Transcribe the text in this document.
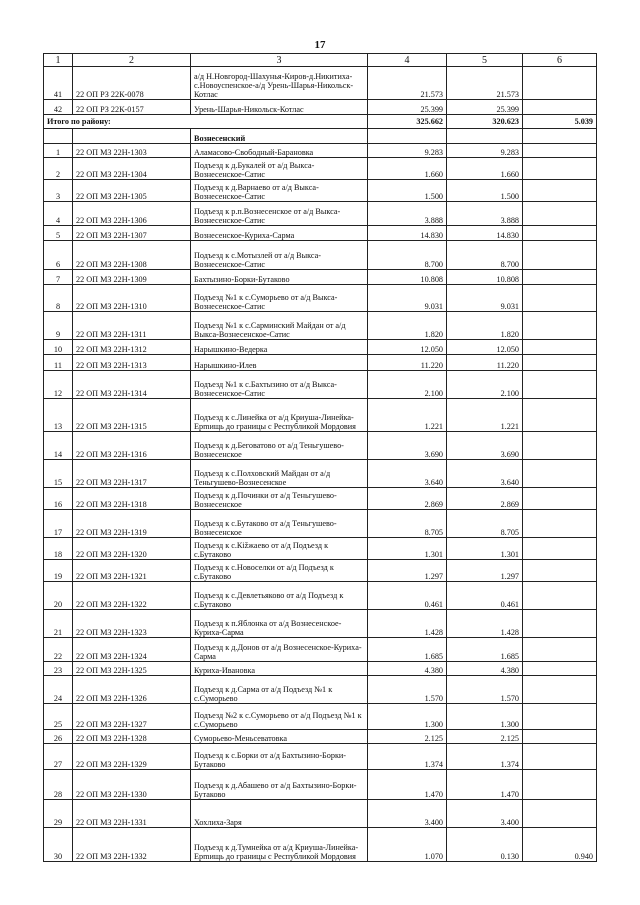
17
1	2	3	4	5	6
41	22 ОП РЗ 22К-0078	а/д Н.Новгород-Шахунья-Киров-д.Никитиха-с.Новоуспенское-а/д Урень-Шарья-Никольск-Котлас	21.573	21.573	
42	22 ОП РЗ 22К-0157	Урень-Шарья-Никольск-Котлас	25.399	25.399	
Итого по району:			325.662	320.623	5.039
		Вознесенский			
1	22 ОП МЗ 22Н-1303	Аламасово-Свободный-Барановка	9.283	9.283	
2	22 ОП МЗ 22Н-1304	Подъезд к д.Букалей от а/д Выкса-Вознесенское-Сатис	1.660	1.660	
3	22 ОП МЗ 22Н-1305	Подъезд к д.Варнаево от а/д Выкса-Вознесенское-Сатис	1.500	1.500	
4	22 ОП МЗ 22Н-1306	Подъезд к р.п.Вознесенское от а/д Выкса-Вознесенское-Сатис	3.888	3.888	
5	22 ОП МЗ 22Н-1307	Вознесенское-Курихa-Сарма	14.830	14.830	
6	22 ОП МЗ 22Н-1308	Подъезд к с.Мотызлей от а/д Выкса-Вознесенское-Сатис	8.700	8.700	
7	22 ОП МЗ 22Н-1309	Бахтызино-Борки-Бутаково	10.808	10.808	
8	22 ОП МЗ 22Н-1310	Подъезд №1 к с.Суморьево от а/д Выкса-Вознесенское-Сатис	9.031	9.031	
9	22 ОП МЗ 22Н-1311	Подъезд №1 к с.Сарминский Майдан от а/д Выкса-Вознесенское-Сатис	1.820	1.820	
10	22 ОП МЗ 22Н-1312	Нарышкино-Ведерка	12.050	12.050	
11	22 ОП МЗ 22Н-1313	Нарышкино-Илев	11.220	11.220	
12	22 ОП МЗ 22Н-1314	Подъезд №1 к с.Бахтызино от а/д Выкса-Вознесенское-Сатис	2.100	2.100	
13	22 ОП МЗ 22Н-1315	Подъезд к с.Линейка от а/д Криуша-Линейка-Ерmищь до границы с Республикой Мордовия	1.221	1.221	
14	22 ОП МЗ 22Н-1316	Подъезд к д.Беговатово от а/д Теньгушево-Вознесенское	3.690	3.690	
15	22 ОП МЗ 22Н-1317	Подъезд к с.Полховский Майдан от а/д Теньгушево-Вознесенское	3.640	3.640	
16	22 ОП МЗ 22Н-1318	Подъезд к д.Починки от а/д Теньгушево-Вознесенское	2.869	2.869	
17	22 ОП МЗ 22Н-1319	Подъезд к с.Бутаково от а/д Теньгушево-Вознесенское	8.705	8.705	
18	22 ОП МЗ 22Н-1320	Подъезд к с.Кižжаево от а/д Подъезд к с.Бутаково	1.301	1.301	
19	22 ОП МЗ 22Н-1321	Подъезд к с.Новоселки от а/д Подъезд к с.Бутаково	1.297	1.297	
20	22 ОП МЗ 22Н-1322	Подъезд к с.Девлетьяково от а/д Подъезд к с.Бутаково	0.461	0.461	
21	22 ОП МЗ 22Н-1323	Подъезд к п.Яблонка от а/д Вознесенское-Курихa-Сарма	1.428	1.428	
22	22 ОП МЗ 22Н-1324	Подъезд к д.Донов от а/д Вознесенское-Курихa-Сарма	1.685	1.685	
23	22 ОП МЗ 22Н-1325	Курихa-Ивановка	4.380	4.380	
24	22 ОП МЗ 22Н-1326	Подъезд к д.Сарма от а/д Подъезд №1 к с.Суморьево	1.570	1.570	
25	22 ОП МЗ 22Н-1327	Подъезд №2 к с.Суморьево от а/д Подъезд №1 к с.Суморьево	1.300	1.300	
26	22 ОП МЗ 22Н-1328	Суморьево-Меньсеватовка	2.125	2.125	
27	22 ОП МЗ 22Н-1329	Подъезд к с.Борки от а/д Бахтызино-Борки-Бутаково	1.374	1.374	
28	22 ОП МЗ 22Н-1330	Подъезд к д.Абашево от а/д Бахтызино-Борки-Бутаково	1.470	1.470	
29	22 ОП МЗ 22Н-1331	Хохлиха-Заря	3.400	3.400	
30	22 ОП МЗ 22Н-1332	Подъезд к д.Тумнейка от а/д Криуша-Линейка-Ерmищь до границы с Республикой Мордовия	1.070	0.130	0.940
